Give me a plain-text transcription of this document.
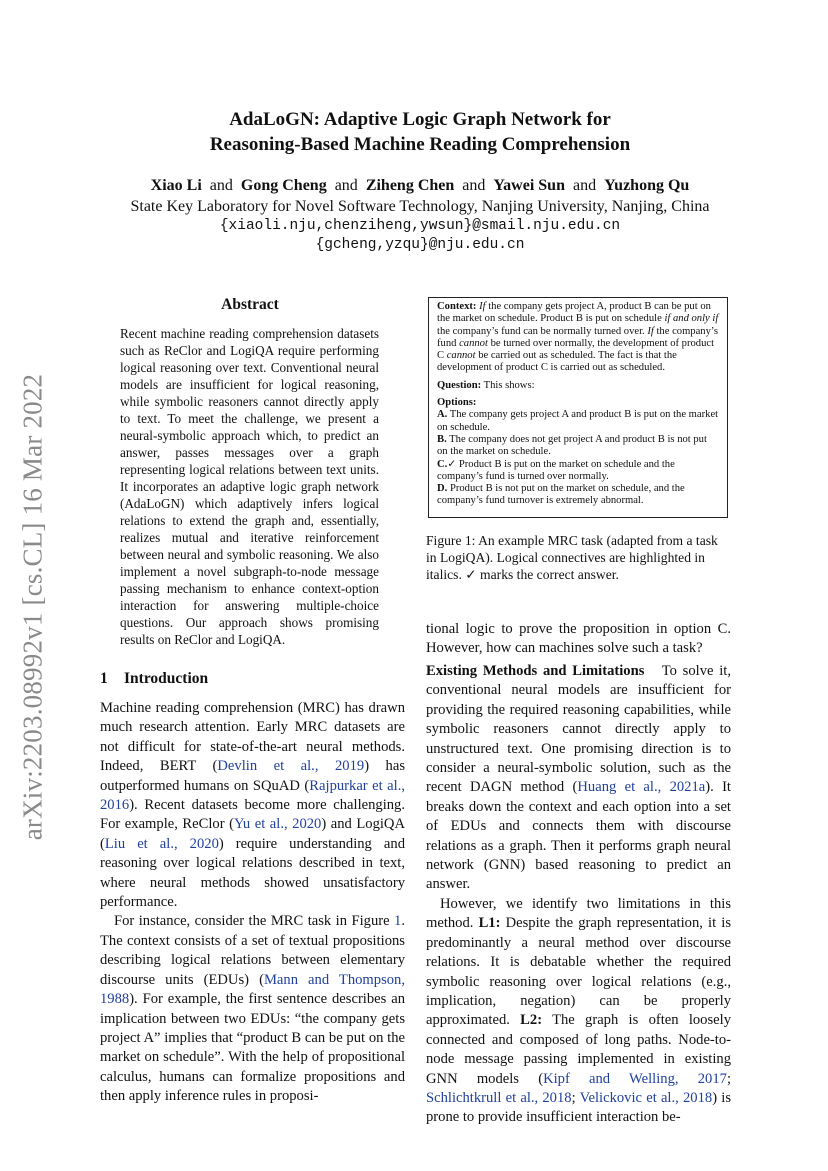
arXiv:2203.08992v1 [cs.CL] 16 Mar 2022
AdaLoGN: Adaptive Logic Graph Network for
Reasoning-Based Machine Reading Comprehension
Xiao Li and Gong Cheng and Ziheng Chen and Yawei Sun and Yuzhong Qu
State Key Laboratory for Novel Software Technology, Nanjing University, Nanjing, China
{xiaoli.nju,chenziheng,ywsun}@smail.nju.edu.cn
{gcheng,yzqu}@nju.edu.cn
Abstract
Recent machine reading comprehension datasets such as ReClor and LogiQA require performing logical reasoning over text. Conventional neural models are insufficient for logical reasoning, while symbolic reasoners cannot directly apply to text. To meet the challenge, we present a neural-symbolic approach which, to predict an answer, passes messages over a graph representing logical relations between text units. It incorporates an adaptive logic graph network (AdaLoGN) which adaptively infers logical relations to extend the graph and, essentially, realizes mutual and iterative reinforcement between neural and symbolic reasoning. We also implement a novel subgraph-to-node message passing mechanism to enhance context-option interaction for answering multiple-choice questions. Our approach shows promising results on ReClor and LogiQA.
1 Introduction

Machine reading comprehension (MRC) has drawn much research attention. Early MRC datasets are not difficult for state-of-the-art neural methods. Indeed, BERT (Devlin et al., 2019) has outperformed humans on SQuAD (Rajpurkar et al., 2016). Recent datasets become more challenging. For example, ReClor (Yu et al., 2020) and LogiQA (Liu et al., 2020) require understanding and reasoning over logical relations described in text, where neural methods showed unsatisfactory performance.

For instance, consider the MRC task in Figure 1. The context consists of a set of textual propositions describing logical relations between elementary discourse units (EDUs) (Mann and Thompson, 1988). For example, the first sentence describes an implication between two EDUs: “the company gets project A” implies that “product B can be put on the market on schedule”. With the help of propositional calculus, humans can formalize propositions and then apply inference rules in proposi-

Context: If the company gets project A, product B can be put on the market on schedule. Product B is put on schedule if and only if the company’s fund can be normally turned over. If the company’s fund cannot be turned over normally, the development of product C cannot be carried out as scheduled. The fact is that the development of product C is carried out as scheduled.

Question: This shows:

Options:
A. The company gets project A and product B is put on the market on schedule.
B. The company does not get project A and product B is not put on the market on schedule.
C.✓ Product B is put on the market on schedule and the company’s fund is turned over normally.
D. Product B is not put on the market on schedule, and the company’s fund turnover is extremely abnormal.
Figure 1: An example MRC task (adapted from a task in LogiQA). Logical connectives are highlighted in italics. ✓ marks the correct answer.

tional logic to prove the proposition in option C. However, how can machines solve such a task?

Existing Methods and Limitations To solve it, conventional neural models are insufficient for providing the required reasoning capabilities, while symbolic reasoners cannot directly apply to unstructured text. One promising direction is to consider a neural-symbolic solution, such as the recent DAGN method (Huang et al., 2021a). It breaks down the context and each option into a set of EDUs and connects them with discourse relations as a graph. Then it performs graph neural network (GNN) based reasoning to predict an answer.

However, we identify two limitations in this method. L1: Despite the graph representation, it is predominantly a neural method over discourse relations. It is debatable whether the required symbolic reasoning over logical relations (e.g., implication, negation) can be properly approximated. L2: The graph is often loosely connected and composed of long paths. Node-to-node message passing implemented in existing GNN models (Kipf and Welling, 2017; Schlichtkrull et al., 2018; Velickovic et al., 2018) is prone to provide insufficient interaction be-
